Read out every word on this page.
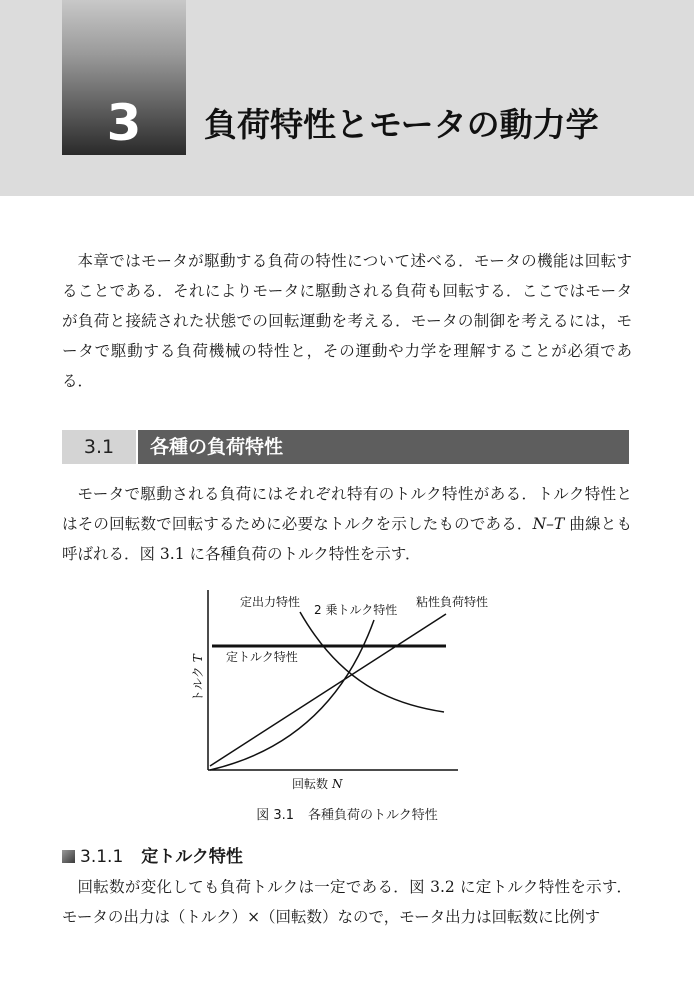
3	負荷特性とモータの動力学

本章ではモータが駆動する負荷の特性について述べる．モータの機能は回転することである．それによりモータに駆動される負荷も回転する．ここではモータが負荷と接続された状態での回転運動を考える．モータの制御を考えるには，モータで駆動する負荷機械の特性と，その運動や力学を理解することが必須である．

3.1	各種の負荷特性

モータで駆動される負荷にはそれぞれ特有のトルク特性がある．トルク特性とはその回転数で回転するために必要なトルクを示したものである．N–T 曲線とも呼ばれる．図 3.1 に各種負荷のトルク特性を示す．

定出力特性
2 乗トルク特性
粘性負荷特性
定トルク特性
トルクT
回転数 N
図 3.1 各種負荷のトルク特性
3.1.1 定トルク特性

回転数が変化しても負荷トルクは一定である．図 3.2 に定トルク特性を示す．モータの出力は（トルク）×（回転数）なので，モータ出力は回転数に比例す
